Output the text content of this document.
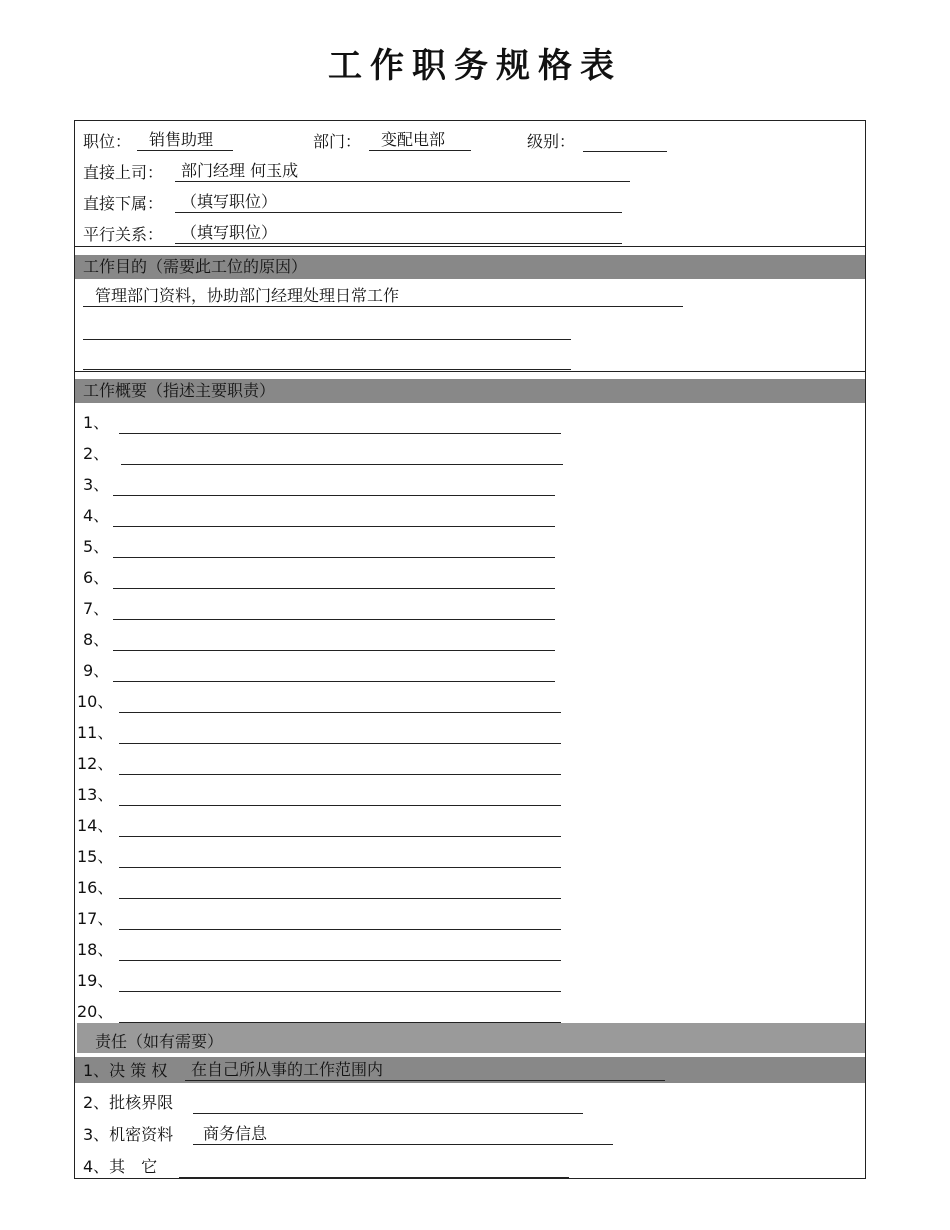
工作职务规格表
职位：	销售助理	部门：	变配电部	级别：
直接上司：	部门经理 何玉成
直接下属：	（填写职位）
平行关系：	（填写职位）
工作目的（需要此工位的原因）
管理部门资料，协助部门经理处理日常工作
工作概要（指述主要职责）
1、
2、
3、
4、
5、
6、
7、
8、
9、
10、
11、
12、
13、
14、
15、
16、
17、
18、
19、
20、
责任（如有需要）
1、决 策 权	在自己所从事的工作范围内
2、批核界限
3、机密资料	商务信息
4、其　它
